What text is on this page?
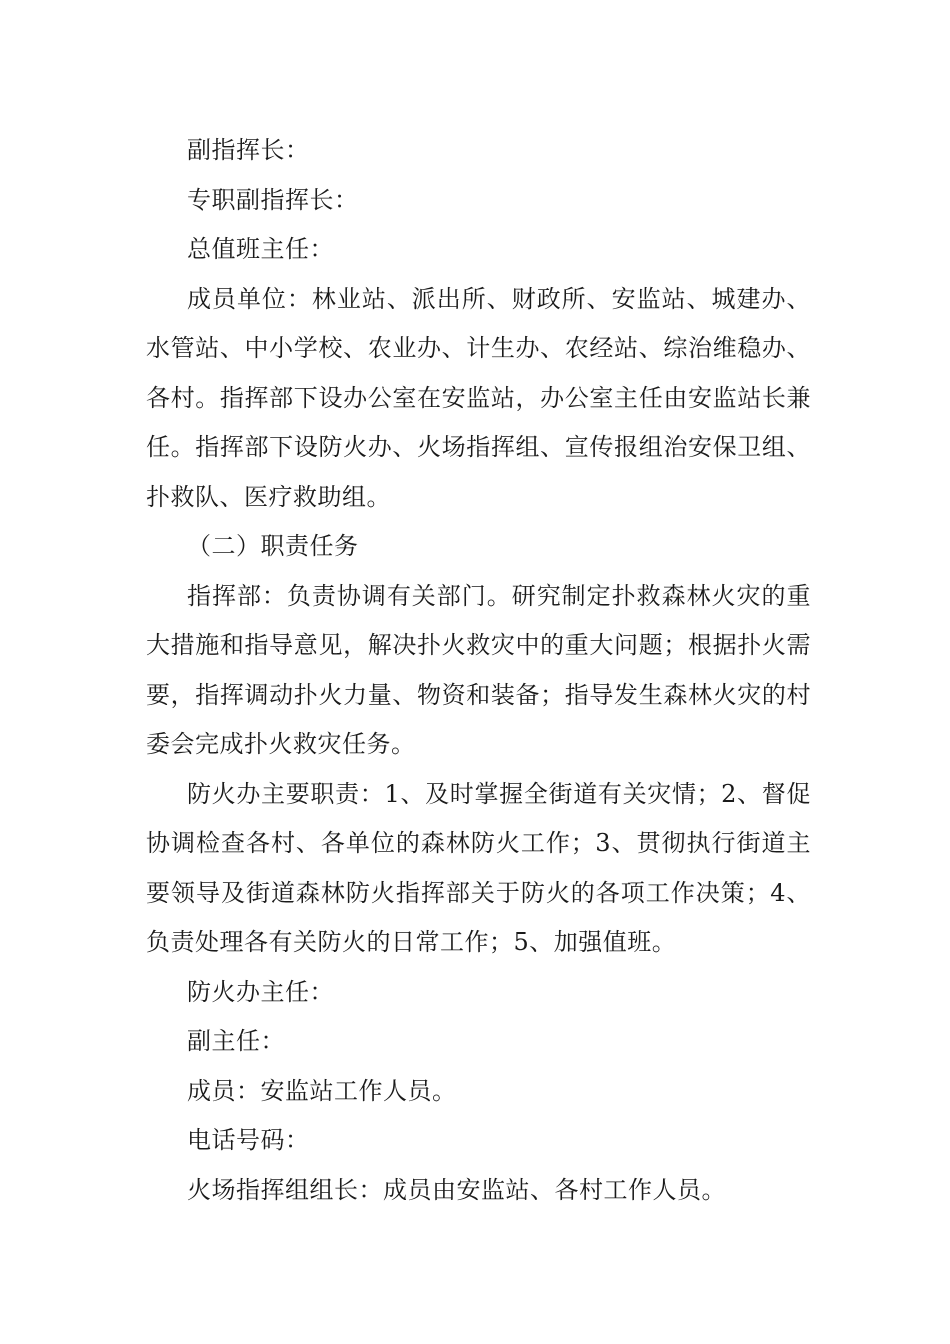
副指挥长：

专职副指挥长：

总值班主任：

成员单位：林业站、派出所、财政所、安监站、城建办、水管站、中小学校、农业办、计生办、农经站、综治维稳办、各村。指挥部下设办公室在安监站，办公室主任由安监站长兼任。指挥部下设防火办、火场指挥组、宣传报组治安保卫组、扑救队、医疗救助组。

（二）职责任务

指挥部：负责协调有关部门。研究制定扑救森林火灾的重大措施和指导意见，解决扑火救灾中的重大问题；根据扑火需要，指挥调动扑火力量、物资和装备；指导发生森林火灾的村委会完成扑火救灾任务。

防火办主要职责：1、及时掌握全街道有关灾情；2、督促协调检查各村、各单位的森林防火工作；3、贯彻执行街道主要领导及街道森林防火指挥部关于防火的各项工作决策；4、负责处理各有关防火的日常工作；5、加强值班。

防火办主任：

副主任：

成员：安监站工作人员。

电话号码：

火场指挥组组长：成员由安监站、各村工作人员。
